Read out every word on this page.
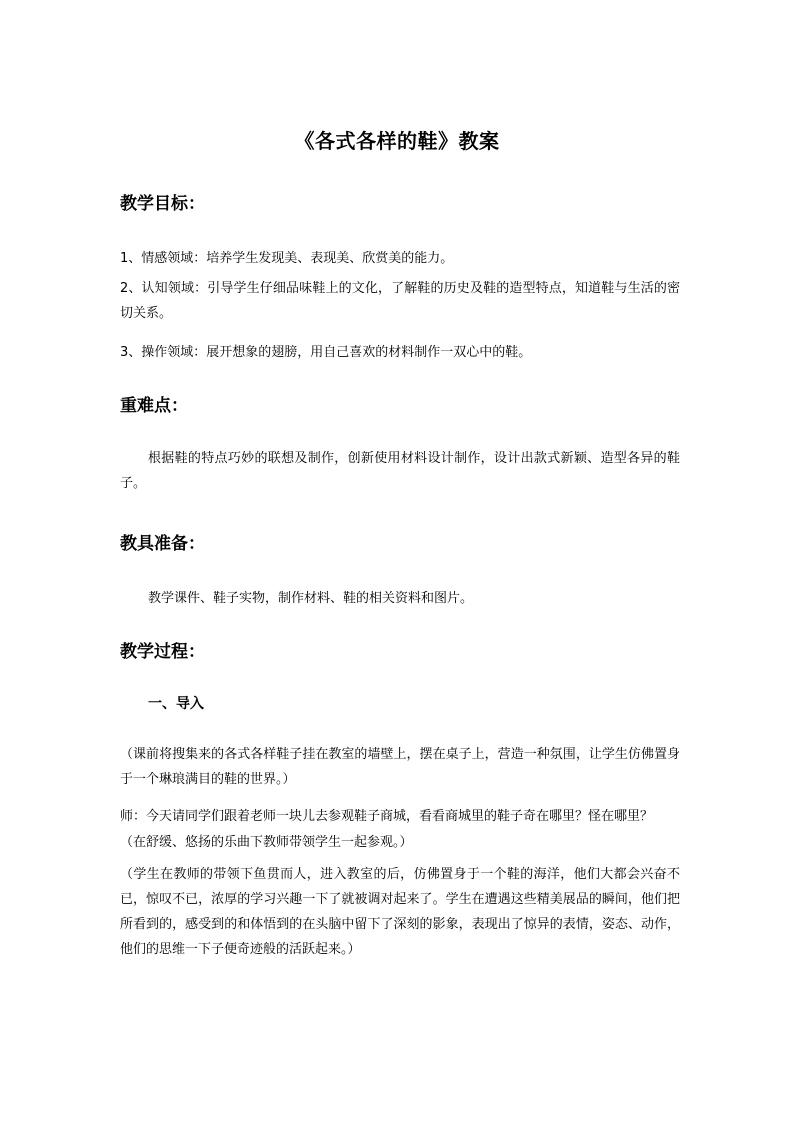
《各式各样的鞋》教案
教学目标：
1、情感领域：培养学生发现美、表现美、欣赏美的能力。
2、认知领域：引导学生仔细品味鞋上的文化，了解鞋的历史及鞋的造型特点，知道鞋与生活的密切关系。
3、操作领域：展开想象的翅膀，用自己喜欢的材料制作一双心中的鞋。
重难点：
根据鞋的特点巧妙的联想及制作，创新使用材料设计制作，设计出款式新颖、造型各异的鞋子。
教具准备：
教学课件、鞋子实物，制作材料、鞋的相关资料和图片。
教学过程：
一、导入
（课前将搜集来的各式各样鞋子挂在教室的墙壁上，摆在桌子上，营造一种氛围，让学生仿佛置身于一个琳琅满目的鞋的世界。）
师：今天请同学们跟着老师一块儿去参观鞋子商城，看看商城里的鞋子奇在哪里？怪在哪里？
（在舒缓、悠扬的乐曲下教师带领学生一起参观。）
（学生在教师的带领下鱼贯而人，进入教室的后，仿佛置身于一个鞋的海洋，他们大都会兴奋不已，惊叹不已，浓厚的学习兴趣一下了就被调对起来了。学生在遭遇这些精美展品的瞬间，他们把所看到的，感受到的和体悟到的在头脑中留下了深刻的影象，表现出了惊异的表情，姿态、动作，他们的思维一下子便奇迹般的活跃起来。）
